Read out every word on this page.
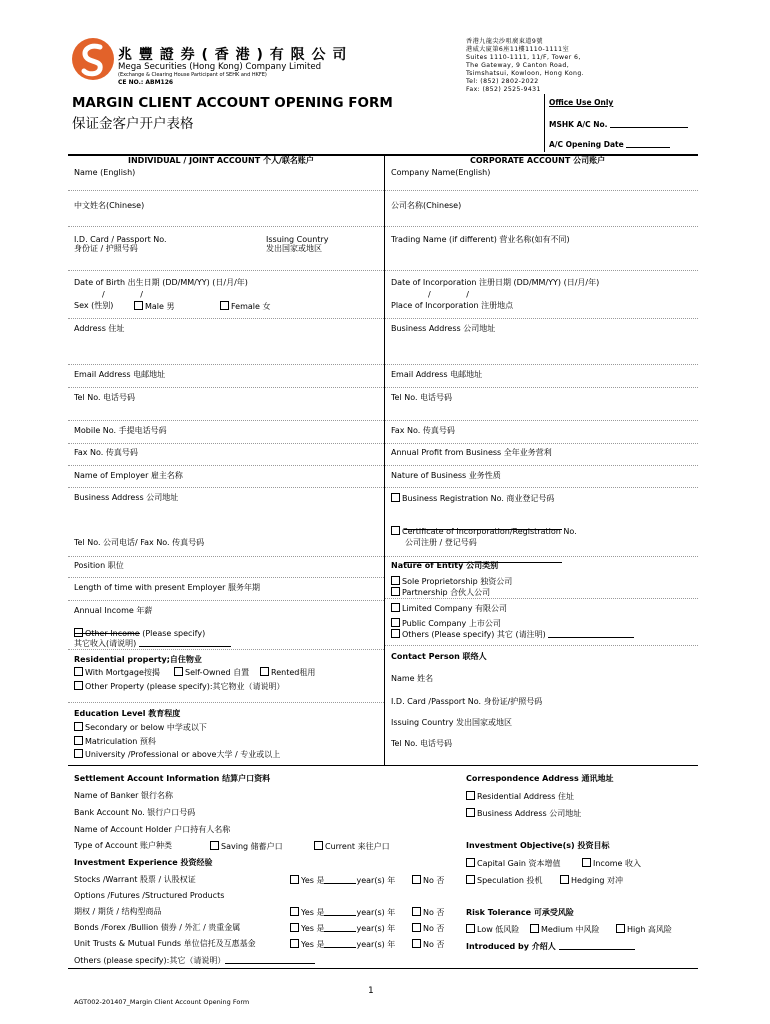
兆 豐 證 券 ( 香 港 ) 有 限 公 司
Mega Securities (Hong Kong) Company Limited
(Exchange & Clearing House Participant of SEHK and HKFE)
CE NO.: ABM126
香港九龍尖沙咀廣東道9號
港威大廈第6座11樓1110-1111室
Suites 1110-1111, 11/F, Tower 6,
The Gateway, 9 Canton Road,
Tsimshatsui, Kowloon, Hong Kong.
Tel: (852) 2802-2022
Fax: (852) 2525-9431
MARGIN CLIENT ACCOUNT OPENING FORM
保证金客户开户表格
Office Use Only
MSHK A/C No.
A/C Opening Date
INDIVIDUAL / JOINT ACCOUNT 个人/联名账户	CORPORATE ACCOUNT 公司账户
Name (English)
中文姓名(Chinese)
I.D. Card / Passport No.
身份证 / 护照号码
Issuing Country
发出国家或地区
Date of Birth 出生日期 (DD/MM/YY) (日/月/年)
/              /
Sex (性别)	Male 男	Female 女
Address 住址
Email Address 电邮地址
Tel No. 电话号码
Mobile No. 手提电话号码
Fax No. 传真号码
Name of Employer 雇主名称
Business Address 公司地址
Tel No. 公司电话/ Fax No. 传真号码
Position 职位
Length of time with present Employer 服务年期
Annual Income 年薪
Other Income (Please specify)
其它收入(请说明)
Residential property;自住物业
With Mortgage按揭	Self-Owned 自置	Rented租用
Other Property (please specify):其它物业（请说明）
Education Level 教育程度
Secondary or below 中学或以下
Matriculation 预科
University /Professional or above大学 / 专业或以上
Company Name(English)
公司名称(Chinese)
Trading Name (if different) 营业名称(如有不同)
Date of Incorporation 注册日期 (DD/MM/YY) (日/月/年)
/              /
Place of Incorporation 注册地点
Business Address 公司地址
Email Address 电邮地址
Tel No. 电话号码
Fax No. 传真号码
Annual Profit from Business 全年业务营利
Nature of Business 业务性质
Business Registration No. 商业登记号码
Certificate of Incorporation/Registration No.
公司注册 / 登记号码
Nature of Entity 公司类别
Sole Proprietorship 独资公司
Partnership 合伙人公司
Limited Company 有限公司
Public Company 上市公司
Others (Please specify) 其它 (请注明)
Contact Person 联络人
Name 姓名
I.D. Card /Passport No. 身份证/护照号码
Issuing Country 发出国家或地区
Tel No. 电话号码
Settlement Account Information 结算户口资料	Correspondence Address 通讯地址
Name of Banker 银行名称	Residential Address 住址
Bank Account No. 银行户口号码	Business Address 公司地址
Name of Account Holder 户口持有人名称
Type of Account 账户种类	Saving 储蓄户口	Current 来往户口	Investment Objective(s) 投资目标
Investment Experience 投资经验	Capital Gain 资本增值	Income 收入
Stocks /Warrant 股票 / 认股权证	Yes 是	year(s) 年	No 否	Speculation 投机	Hedging 对冲
Options /Futures /Structured Products
期权 / 期货 / 结构型商品	Yes 是	year(s) 年	No 否	Risk Tolerance 可承受风险
Bonds /Forex /Bullion 债券 / 外汇 / 贵重金属	Yes 是	year(s) 年	No 否	Low 低风险	Medium 中风险	High 高风险
Unit Trusts & Mutual Funds 单位信托及互惠基金	Yes 是	year(s) 年	No 否	Introduced by 介绍人
Others (please specify):其它（请说明）
1
AGT002-201407_Margin Client Account Opening Form
